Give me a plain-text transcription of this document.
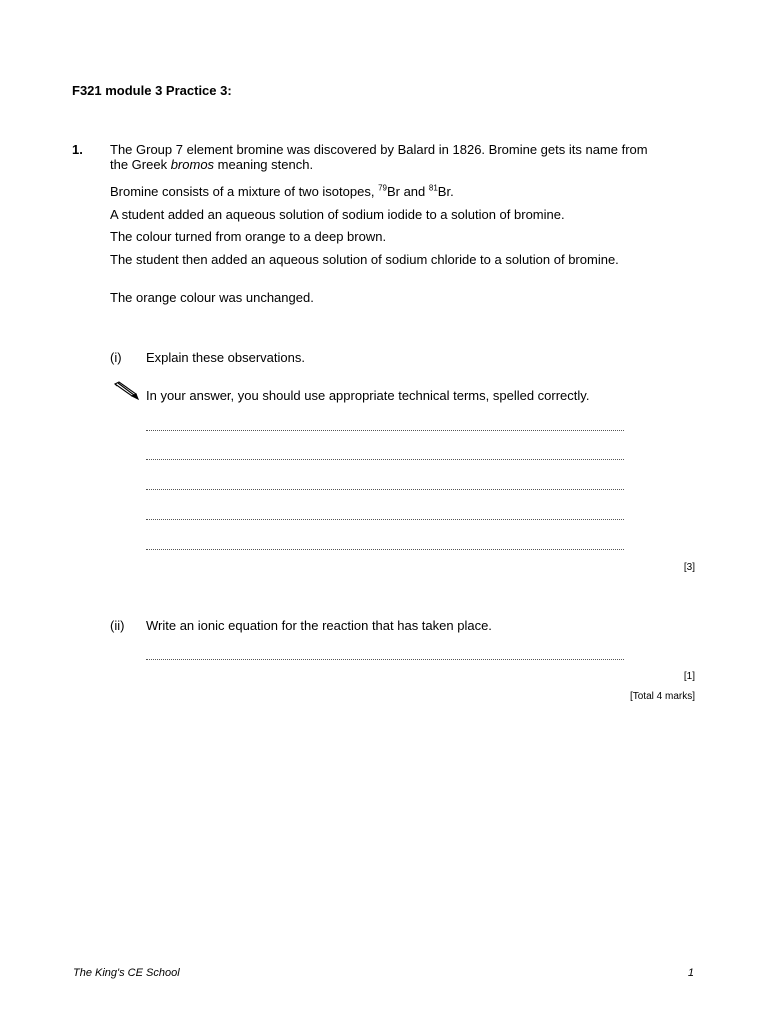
F321 module 3 Practice 3:
1. The Group 7 element bromine was discovered by Balard in 1826. Bromine gets its name from the Greek bromos meaning stench.
Bromine consists of a mixture of two isotopes, $^{79}$Br and $^{81}$Br.
A student added an aqueous solution of sodium iodide to a solution of bromine.
The colour turned from orange to a deep brown.
The student then added an aqueous solution of sodium chloride to a solution of bromine.
The orange colour was unchanged.
(i) Explain these observations.
In your answer, you should use appropriate technical terms, spelled correctly.
[3]
(ii) Write an ionic equation for the reaction that has taken place.
[1]
[Total 4 marks]
The King's CE School	1
